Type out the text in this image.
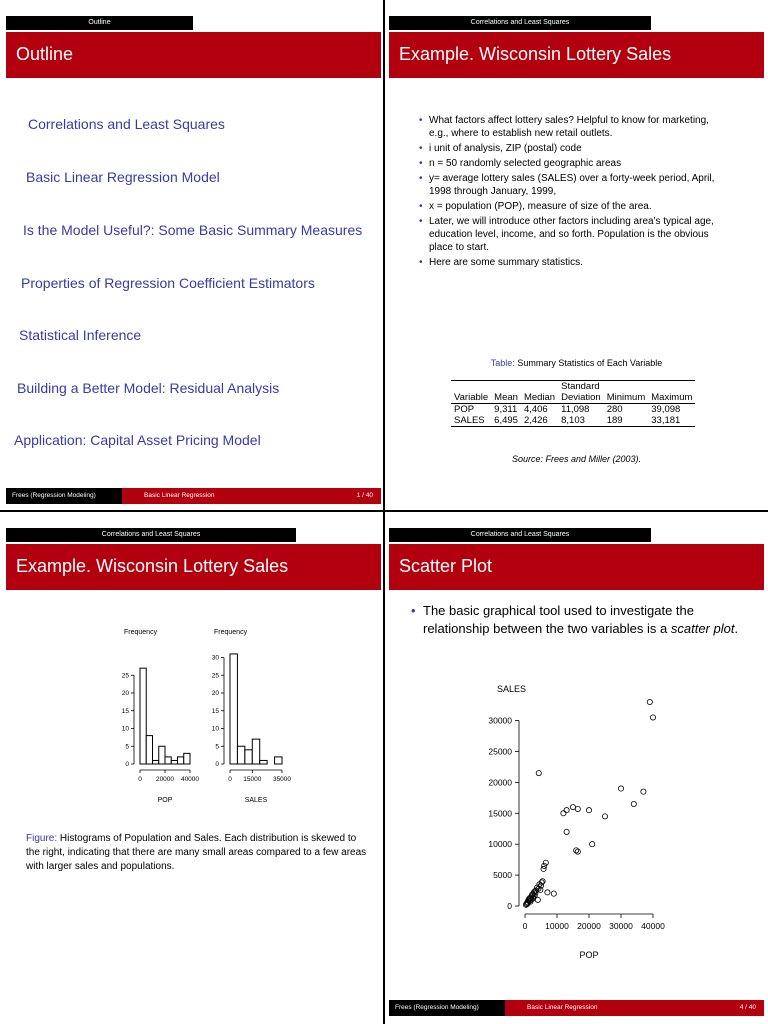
Outline
Outline
Correlations and Least Squares
Basic Linear Regression Model
Is the Model Useful?: Some Basic Summary Measures
Properties of Regression Coefficient Estimators
Statistical Inference
Building a Better Model: Residual Analysis
Application: Capital Asset Pricing Model
Frees (Regression Modeling)	Basic Linear Regression	1 / 40
Correlations and Least Squares
Example. Wisconsin Lottery Sales
• What factors affect lottery sales? Helpful to know for marketing, e.g., where to establish new retail outlets.
• i unit of analysis, ZIP (postal) code
• n = 50 randomly selected geographic areas
• y= average lottery sales (SALES) over a forty-week period, April, 1998 through January, 1999,
• x = population (POP), measure of size of the area.
• Later, we will introduce other factors including area's typical age, education level, income, and so forth. Population is the obvious place to start.
• Here are some summary statistics.
Table: Summary Statistics of Each Variable
			Standard		
Variable	Mean	Median	Deviation	Minimum	Maximum
POP	9,311	4,406	11,098	280	39,098
SALES	6,495	2,426	8,103	189	33,181
Source: Frees and Miller (2003).
Correlations and Least Squares
Example. Wisconsin Lottery Sales
Frequency
0
5
10
15
20
25
0 20000 40000
POP
Frequency
0
5
10
15
20
25
30
0 15000 35000
SALES
Figure: Histograms of Population and Sales. Each distribution is skewed to the right, indicating that there are many small areas compared to a few areas with larger sales and populations.
Correlations and Least Squares
Scatter Plot
• The basic graphical tool used to investigate the relationship between the two variables is a scatter plot.
SALES
0
5000
10000
15000
20000
25000
30000
0 10000 20000 30000 40000
POP
Frees (Regression Modeling)	Basic Linear Regression	4 / 40
